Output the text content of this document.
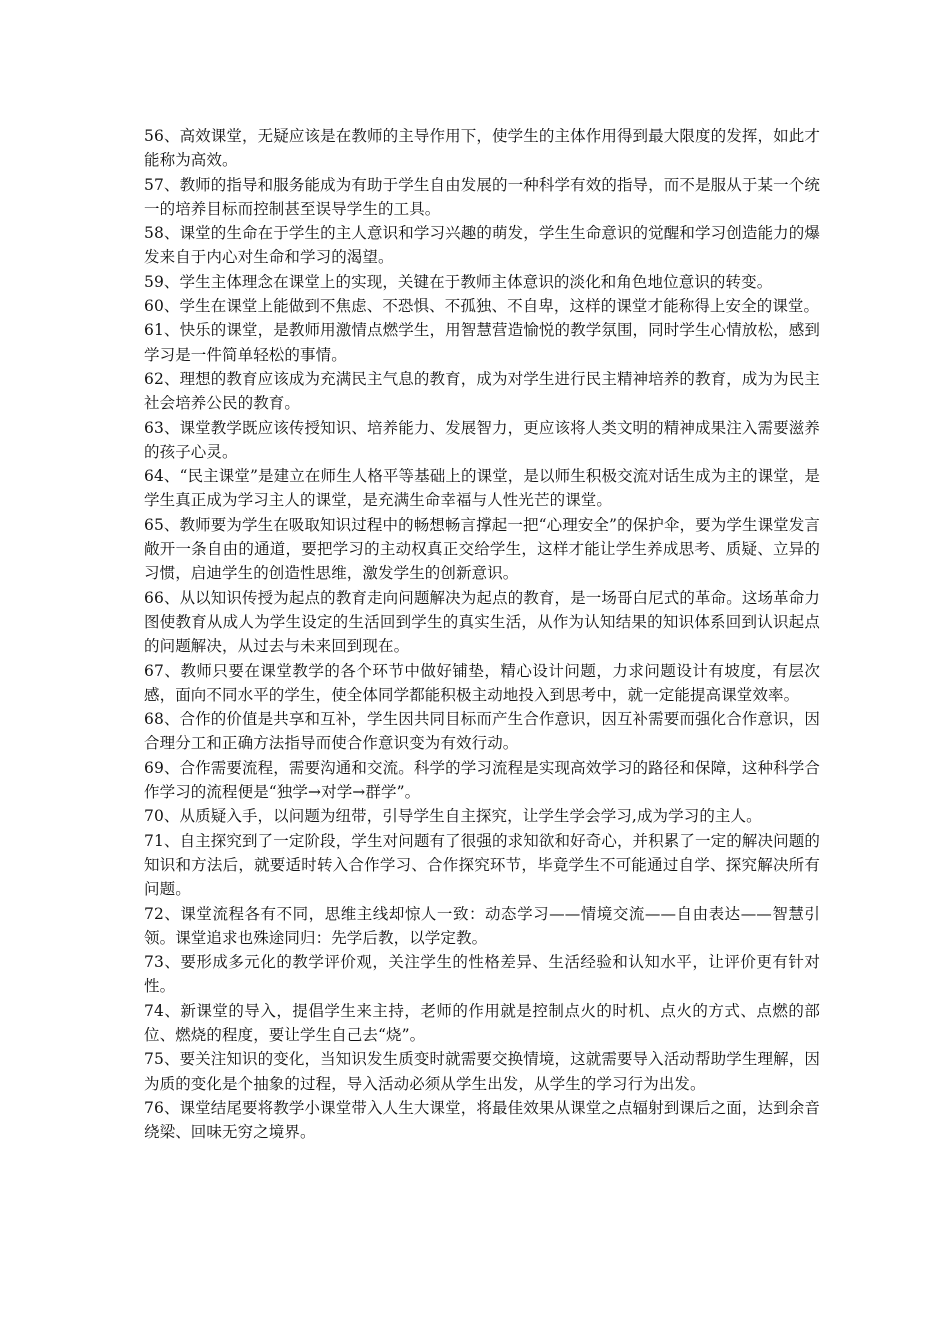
56、高效课堂，无疑应该是在教师的主导作用下，使学生的主体作用得到最大限度的发挥，如此才能称为高效。

57、教师的指导和服务能成为有助于学生自由发展的一种科学有效的指导，而不是服从于某一个统一的培养目标而控制甚至误导学生的工具。

58、课堂的生命在于学生的主人意识和学习兴趣的萌发，学生生命意识的觉醒和学习创造能力的爆发来自于内心对生命和学习的渴望。

59、学生主体理念在课堂上的实现，关键在于教师主体意识的淡化和角色地位意识的转变。

60、学生在课堂上能做到不焦虑、不恐惧、不孤独、不自卑，这样的课堂才能称得上安全的课堂。

61、快乐的课堂，是教师用激情点燃学生，用智慧营造愉悦的教学氛围，同时学生心情放松，感到学习是一件简单轻松的事情。

62、理想的教育应该成为充满民主气息的教育，成为对学生进行民主精神培养的教育，成为为民主社会培养公民的教育。

63、课堂教学既应该传授知识、培养能力、发展智力，更应该将人类文明的精神成果注入需要滋养的孩子心灵。

64、“民主课堂”是建立在师生人格平等基础上的课堂，是以师生积极交流对话生成为主的课堂，是学生真正成为学习主人的课堂，是充满生命幸福与人性光芒的课堂。

65、教师要为学生在吸取知识过程中的畅想畅言撑起一把“心理安全”的保护伞，要为学生课堂发言敞开一条自由的通道，要把学习的主动权真正交给学生，这样才能让学生养成思考、质疑、立异的习惯，启迪学生的创造性思维，激发学生的创新意识。

66、从以知识传授为起点的教育走向问题解决为起点的教育，是一场哥白尼式的革命。这场革命力图使教育从成人为学生设定的生活回到学生的真实生活，从作为认知结果的知识体系回到认识起点的问题解决，从过去与未来回到现在。

67、教师只要在课堂教学的各个环节中做好铺垫，精心设计问题，力求问题设计有坡度，有层次感，面向不同水平的学生，使全体同学都能积极主动地投入到思考中，就一定能提高课堂效率。

68、合作的价值是共享和互补，学生因共同目标而产生合作意识，因互补需要而强化合作意识，因合理分工和正确方法指导而使合作意识变为有效行动。

69、合作需要流程，需要沟通和交流。科学的学习流程是实现高效学习的路径和保障，这种科学合作学习的流程便是“独学→对学→群学”。

70、从质疑入手，以问题为纽带，引导学生自主探究，让学生学会学习,成为学习的主人。

71、自主探究到了一定阶段，学生对问题有了很强的求知欲和好奇心，并积累了一定的解决问题的知识和方法后，就要适时转入合作学习、合作探究环节，毕竟学生不可能通过自学、探究解决所有问题。

72、课堂流程各有不同，思维主线却惊人一致：动态学习——情境交流——自由表达——智慧引领。课堂追求也殊途同归：先学后教，以学定教。

73、要形成多元化的教学评价观，关注学生的性格差异、生活经验和认知水平，让评价更有针对性。

74、新课堂的导入，提倡学生来主持，老师的作用就是控制点火的时机、点火的方式、点燃的部位、燃烧的程度，要让学生自己去“烧”。

75、要关注知识的变化，当知识发生质变时就需要交换情境，这就需要导入活动帮助学生理解，因为质的变化是个抽象的过程，导入活动必须从学生出发，从学生的学习行为出发。

76、课堂结尾要将教学小课堂带入人生大课堂，将最佳效果从课堂之点辐射到课后之面，达到余音绕梁、回味无穷之境界。
